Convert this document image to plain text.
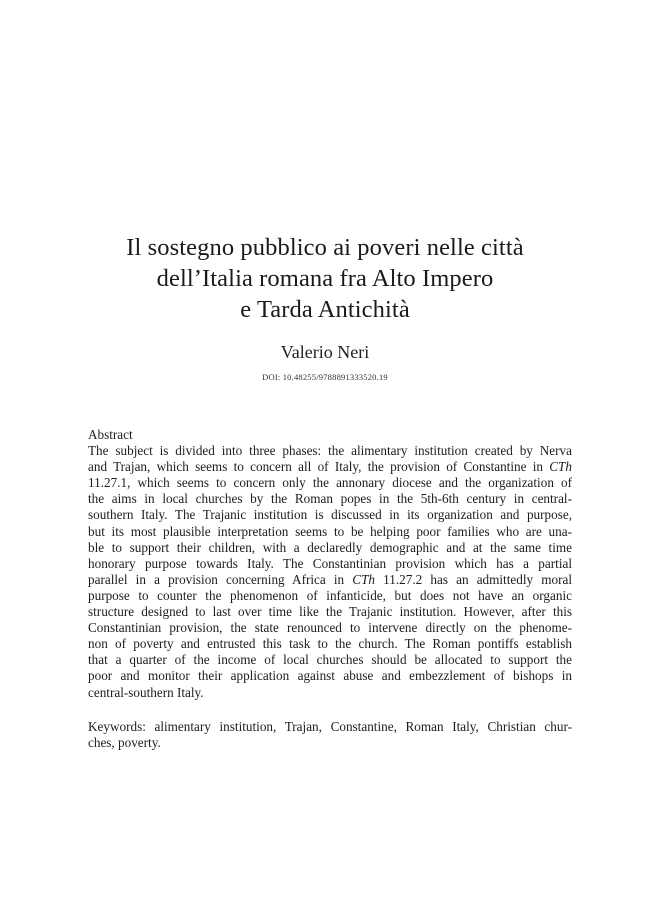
Il sostegno pubblico ai poveri nelle città
dell’Italia romana fra Alto Impero
e Tarda Antichità
Valerio Neri
DOI: 10.48255/9788891333520.19
Abstract
The subject is divided into three phases: the alimentary institution created by Nerva
and Trajan, which seems to concern all of Italy, the provision of Constantine in CTh
11.27.1, which seems to concern only the annonary diocese and the organization of
the aims in local churches by the Roman popes in the 5th-6th century in central-
southern Italy. The Trajanic institution is discussed in its organization and purpose,
but its most plausible interpretation seems to be helping poor families who are una-
ble to support their children, with a declaredly demographic and at the same time
honorary purpose towards Italy. The Constantinian provision which has a partial
parallel in a provision concerning Africa in CTh 11.27.2 has an admittedly moral
purpose to counter the phenomenon of infanticide, but does not have an organic
structure designed to last over time like the Trajanic institution. However, after this
Constantinian provision, the state renounced to intervene directly on the phenome-
non of poverty and entrusted this task to the church. The Roman pontiffs establish
that a quarter of the income of local churches should be allocated to support the
poor and monitor their application against abuse and embezzlement of bishops in
central-southern Italy.
Keywords: alimentary institution, Trajan, Constantine, Roman Italy, Christian chur-
ches, poverty.
